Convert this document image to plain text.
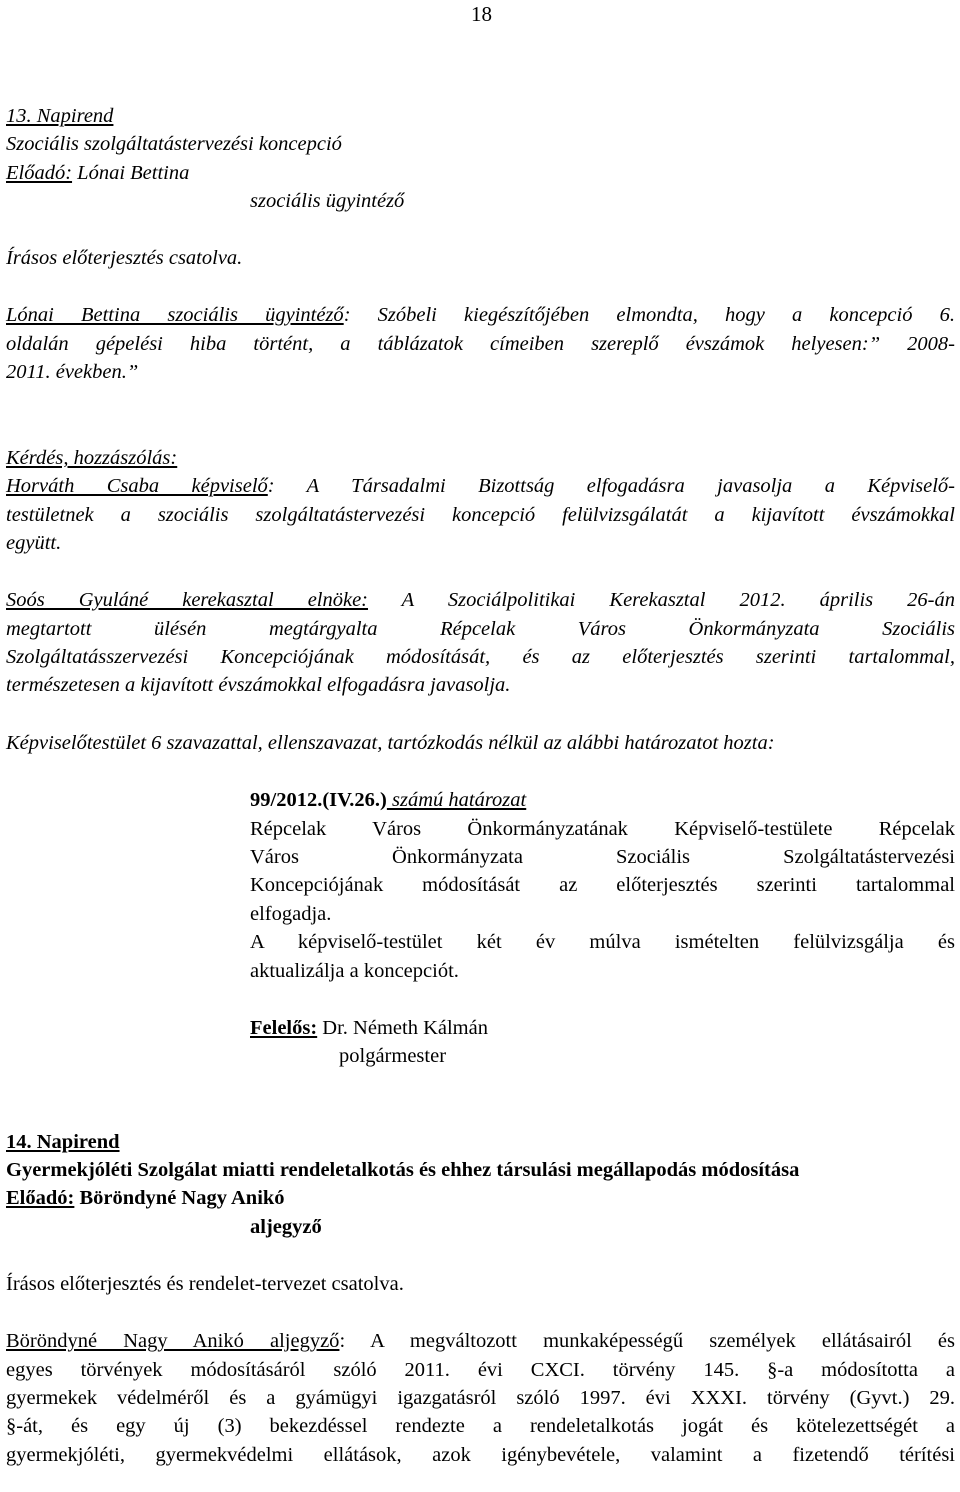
18
13. Napirend
Szociális szolgáltatástervezési koncepció
Előadó: Lónai Bettina
szociális ügyintéző
Írásos előterjesztés csatolva.
Lónai Bettina szociális ügyintéző: Szóbeli kiegészítőjében elmondta, hogy a koncepció 6.
oldalán gépelési hiba történt, a táblázatok címeiben szereplő évszámok helyesen:” 2008-
2011. években.”
Kérdés, hozzászólás:
Horváth Csaba képviselő: A Társadalmi Bizottság elfogadásra javasolja a Képviselő-
testületnek a szociális szolgáltatástervezési koncepció felülvizsgálatát a kijavított évszámokkal
együtt.
Soós Gyuláné kerekasztal elnöke: A Szociálpolitikai Kerekasztal 2012. április 26-án
megtartott ülésén megtárgyalta Répcelak Város Önkormányzata Szociális
Szolgáltatásszervezési Koncepciójának módosítását, és az előterjesztés szerinti tartalommal,
természetesen a kijavított évszámokkal elfogadásra javasolja.
Képviselőtestület 6 szavazattal, ellenszavazat, tartózkodás nélkül az alábbi határozatot hozta:
99/2012.(IV.26.) számú határozat
Répcelak Város Önkormányzatának Képviselő-testülete Répcelak
Város Önkormányzata Szociális Szolgáltatástervezési
Koncepciójának módosítását az előterjesztés szerinti tartalommal
elfogadja.
A képviselő-testület két év múlva ismételten felülvizsgálja és
aktualizálja a koncepciót.
Felelős: Dr. Németh Kálmán
polgármester
14. Napirend
Gyermekjóléti Szolgálat miatti rendeletalkotás és ehhez társulási megállapodás módosítása
Előadó: Böröndyné Nagy Anikó
aljegyző
Írásos előterjesztés és rendelet-tervezet csatolva.
Böröndyné Nagy Anikó aljegyző: A megváltozott munkaképességű személyek ellátásairól és
egyes törvények módosításáról szóló 2011. évi CXCI. törvény 145. §-a módosította a
gyermekek védelméről és a gyámügyi igazgatásról szóló 1997. évi XXXI. törvény (Gyvt.) 29.
§-át, és egy új (3) bekezdéssel rendezte a rendeletalkotás jogát és kötelezettségét a
gyermekjóléti, gyermekvédelmi ellátások, azok igénybevétele, valamint a fizetendő térítési
